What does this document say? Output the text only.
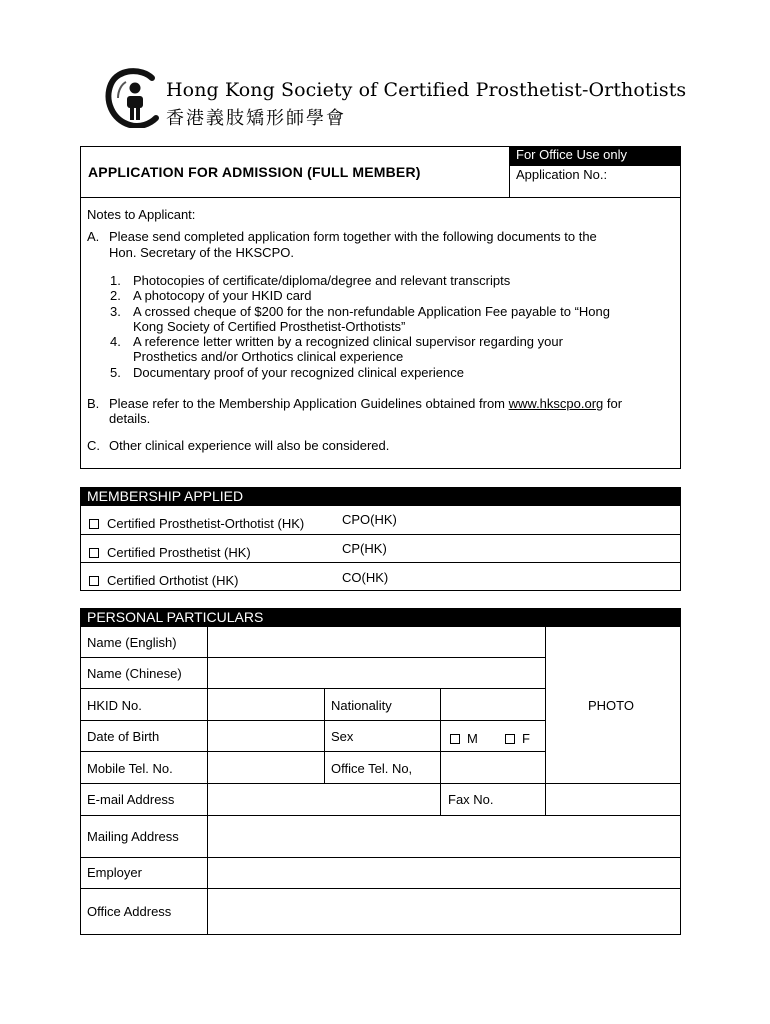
Hong Kong Society of Certified Prosthetist-Orthotists
香港義肢矯形師學會
APPLICATION FOR ADMISSION (FULL MEMBER)
For Office Use only
Application No.:
Notes to Applicant:
A. Please send completed application form together with the following documents to the
Hon. Secretary of the HKSCPO.
1. Photocopies of certificate/diploma/degree and relevant transcripts
2. A photocopy of your HKID card
3. A crossed cheque of $200 for the non-refundable Application Fee payable to “Hong
Kong Society of Certified Prosthetist-Orthotists”
4. A reference letter written by a recognized clinical supervisor regarding your
Prosthetics and/or Orthotics clinical experience
5. Documentary proof of your recognized clinical experience
B. Please refer to the Membership Application Guidelines obtained from www.hkscpo.org for
details.
C. Other clinical experience will also be considered.
MEMBERSHIP APPLIED
Certified Prosthetist-Orthotist (HK)	CPO(HK)
Certified Prosthetist (HK)	CP(HK)
Certified Orthotist (HK)	CO(HK)
PERSONAL PARTICULARS
Name (English)
Name (Chinese)
HKID No.	Nationality	PHOTO
Date of Birth	Sex	M	F
Mobile Tel. No.	Office Tel. No,
E-mail Address	Fax No.
Mailing Address
Employer
Office Address
